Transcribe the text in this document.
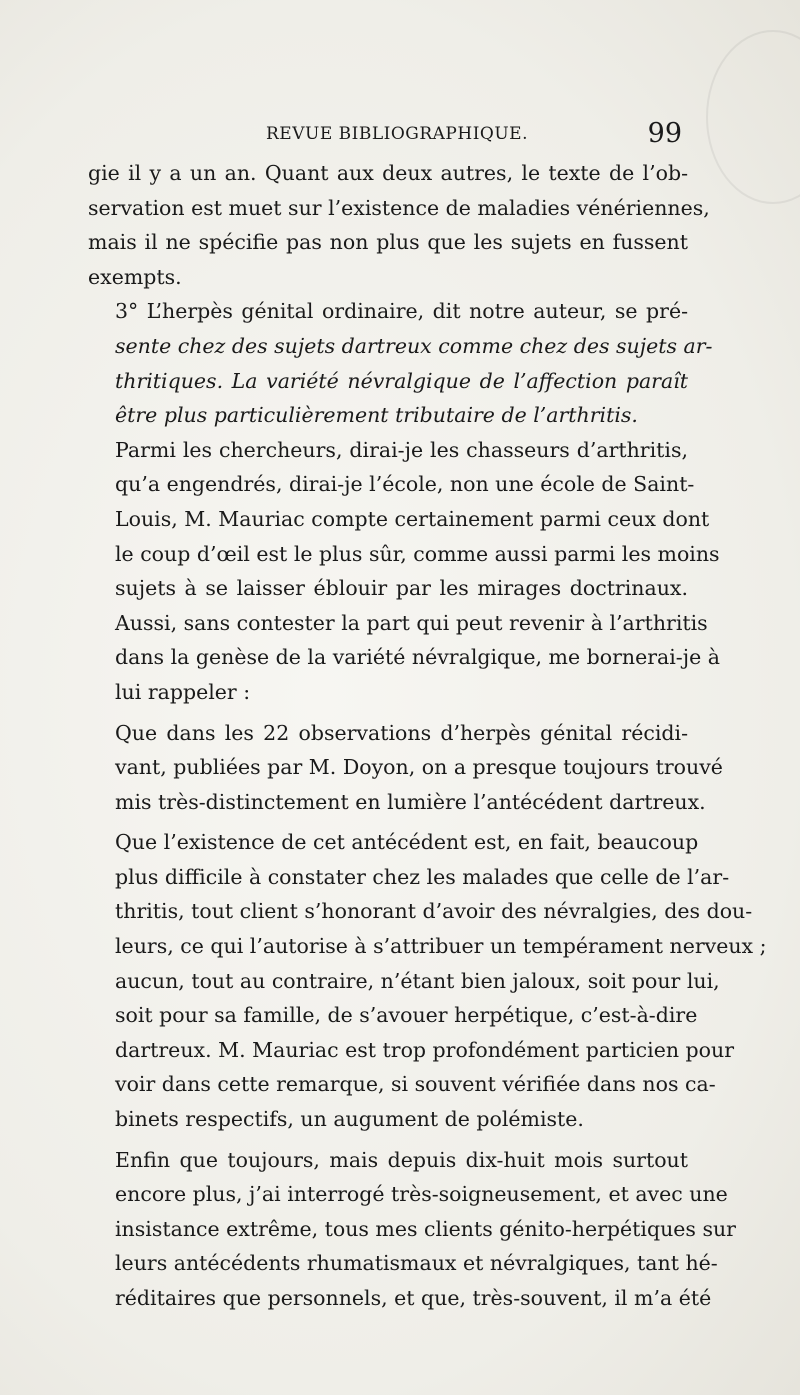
REVUE BIBLIOGRAPHIQUE.	99

gie il y a un an. Quant aux deux autres, le texte de l’ob-
servation est muet sur l’existence de maladies vénériennes,
mais il ne spécifie pas non plus que les sujets en fussent
exempts.

3° L’herpès génital ordinaire, dit notre auteur, se pré-
sente chez des sujets dartreux comme chez des sujets ar-
thritiques. La variété névralgique de l’affection paraît
être plus particulièrement tributaire de l’arthritis.

Parmi les chercheurs, dirai-je les chasseurs d’arthritis,
qu’a engendrés, dirai-je l’école, non une école de Saint-
Louis, M. Mauriac compte certainement parmi ceux dont
le coup d’œil est le plus sûr, comme aussi parmi les moins
sujets à se laisser éblouir par les mirages doctrinaux.
Aussi, sans contester la part qui peut revenir à l’arthritis
dans la genèse de la variété névralgique, me bornerai-je à
lui rappeler :

Que dans les 22 observations d’herpès génital récidi-
vant, publiées par M. Doyon, on a presque toujours trouvé
mis très-distinctement en lumière l’antécédent dartreux.

Que l’existence de cet antécédent est, en fait, beaucoup
plus difficile à constater chez les malades que celle de l’ar-
thritis, tout client s’honorant d’avoir des névralgies, des dou-
leurs, ce qui l’autorise à s’attribuer un tempérament nerveux ;
aucun, tout au contraire, n’étant bien jaloux, soit pour lui,
soit pour sa famille, de s’avouer herpétique, c’est-à-dire
dartreux. M. Mauriac est trop profondément particien pour
voir dans cette remarque, si souvent vérifiée dans nos ca-
binets respectifs, un augument de polémiste.

Enfin que toujours, mais depuis dix-huit mois surtout
encore plus, j’ai interrogé très-soigneusement, et avec une
insistance extrême, tous mes clients génito-herpétiques sur
leurs antécédents rhumatismaux et névralgiques, tant hé-
réditaires que personnels, et que, très-souvent, il m’a été
